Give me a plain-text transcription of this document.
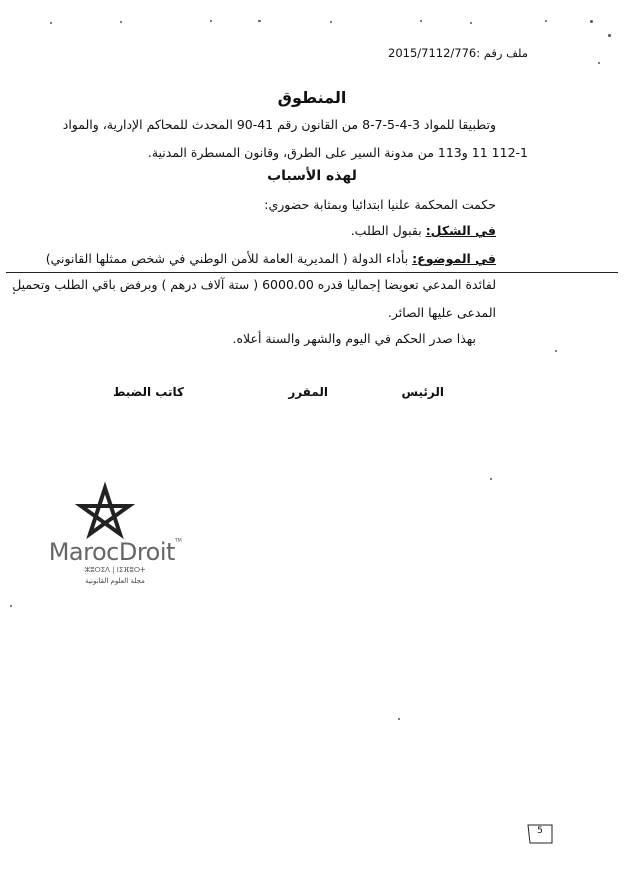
ملف رقم :2015/7112/776
المنطوق
وتطبيقا للمواد 3-4-5-7-8 من القانون رقم 41-90 المحدث للمحاكم الإدارية، والمواد
112-1 11 و113 من مدونة السير على الطرق، وقانون المسطرة المدنية.
لهذه الأسباب
حكمت المحكمة علنيا ابتدائيا وبمثابة حضوري:
في الشكل: بقبول الطلب.
في الموضوع: بأداء الدولة ( المديرية العامة للأمن الوطني في شخص ممثلها القانوني)
لفائدة المدعي تعويضا إجماليا قدره 6000.00 ( ستة آلاف درهم ) وبرفض باقي الطلب وتحميل
المدعى عليها الصائر.
بهذا صدر الحكم في اليوم والشهر والسنة أعلاه.
الرئيس
المقرر
كاتب الضبط
MarocDroit™
ⵣⵓⵔⵉⴷ | ⵏⵉⴼⵓⵔⵜ
مجلة العلوم القانونية
5
